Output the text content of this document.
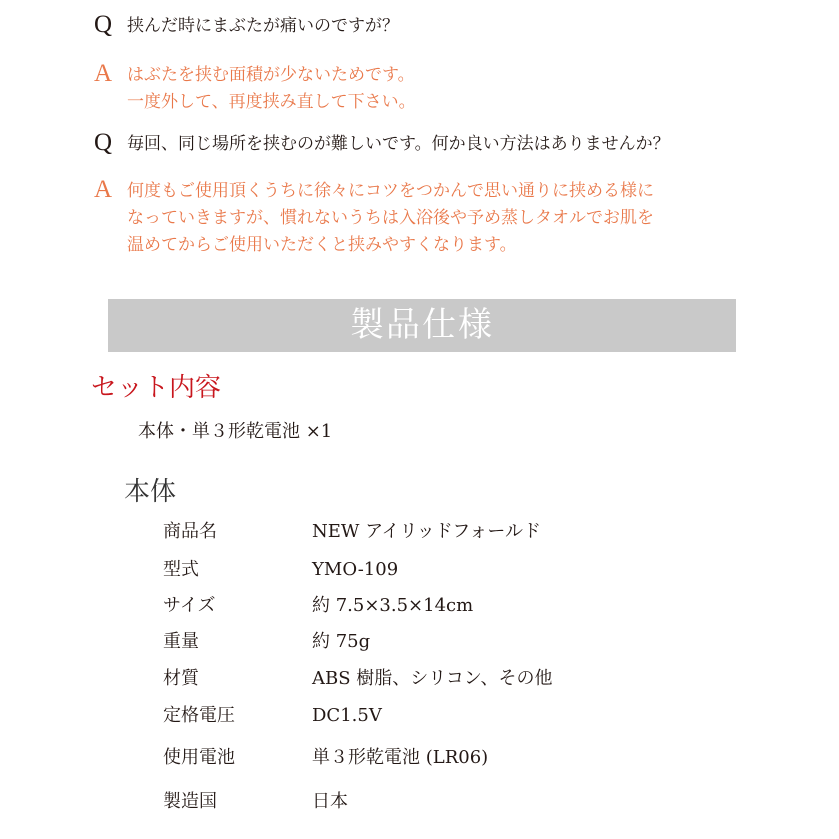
Q 挟んだ時にまぶたが痛いのですが？
A はぶたを挟む面積が少ないためです。
一度外して、再度挟み直して下さい。
Q 毎回、同じ場所を挟むのが難しいです。何か良い方法はありませんか？
A 何度もご使用頂くうちに徐々にコツをつかんで思い通りに挟める様に
なっていきますが、慣れないうちは入浴後や予め蒸しタオルでお肌を
温めてからご使用いただくと挟みやすくなります。
製品仕様
セット内容
本体・単３形乾電池 ×1
本体
商品名	NEW アイリッドフォールド
型式	YMO-109
サイズ	約 7.5×3.5×14cm
重量	約 75g
材質	ABS 樹脂、シリコン、その他
定格電圧	DC1.5V
使用電池	単３形乾電池 (LR06)
製造国	日本
